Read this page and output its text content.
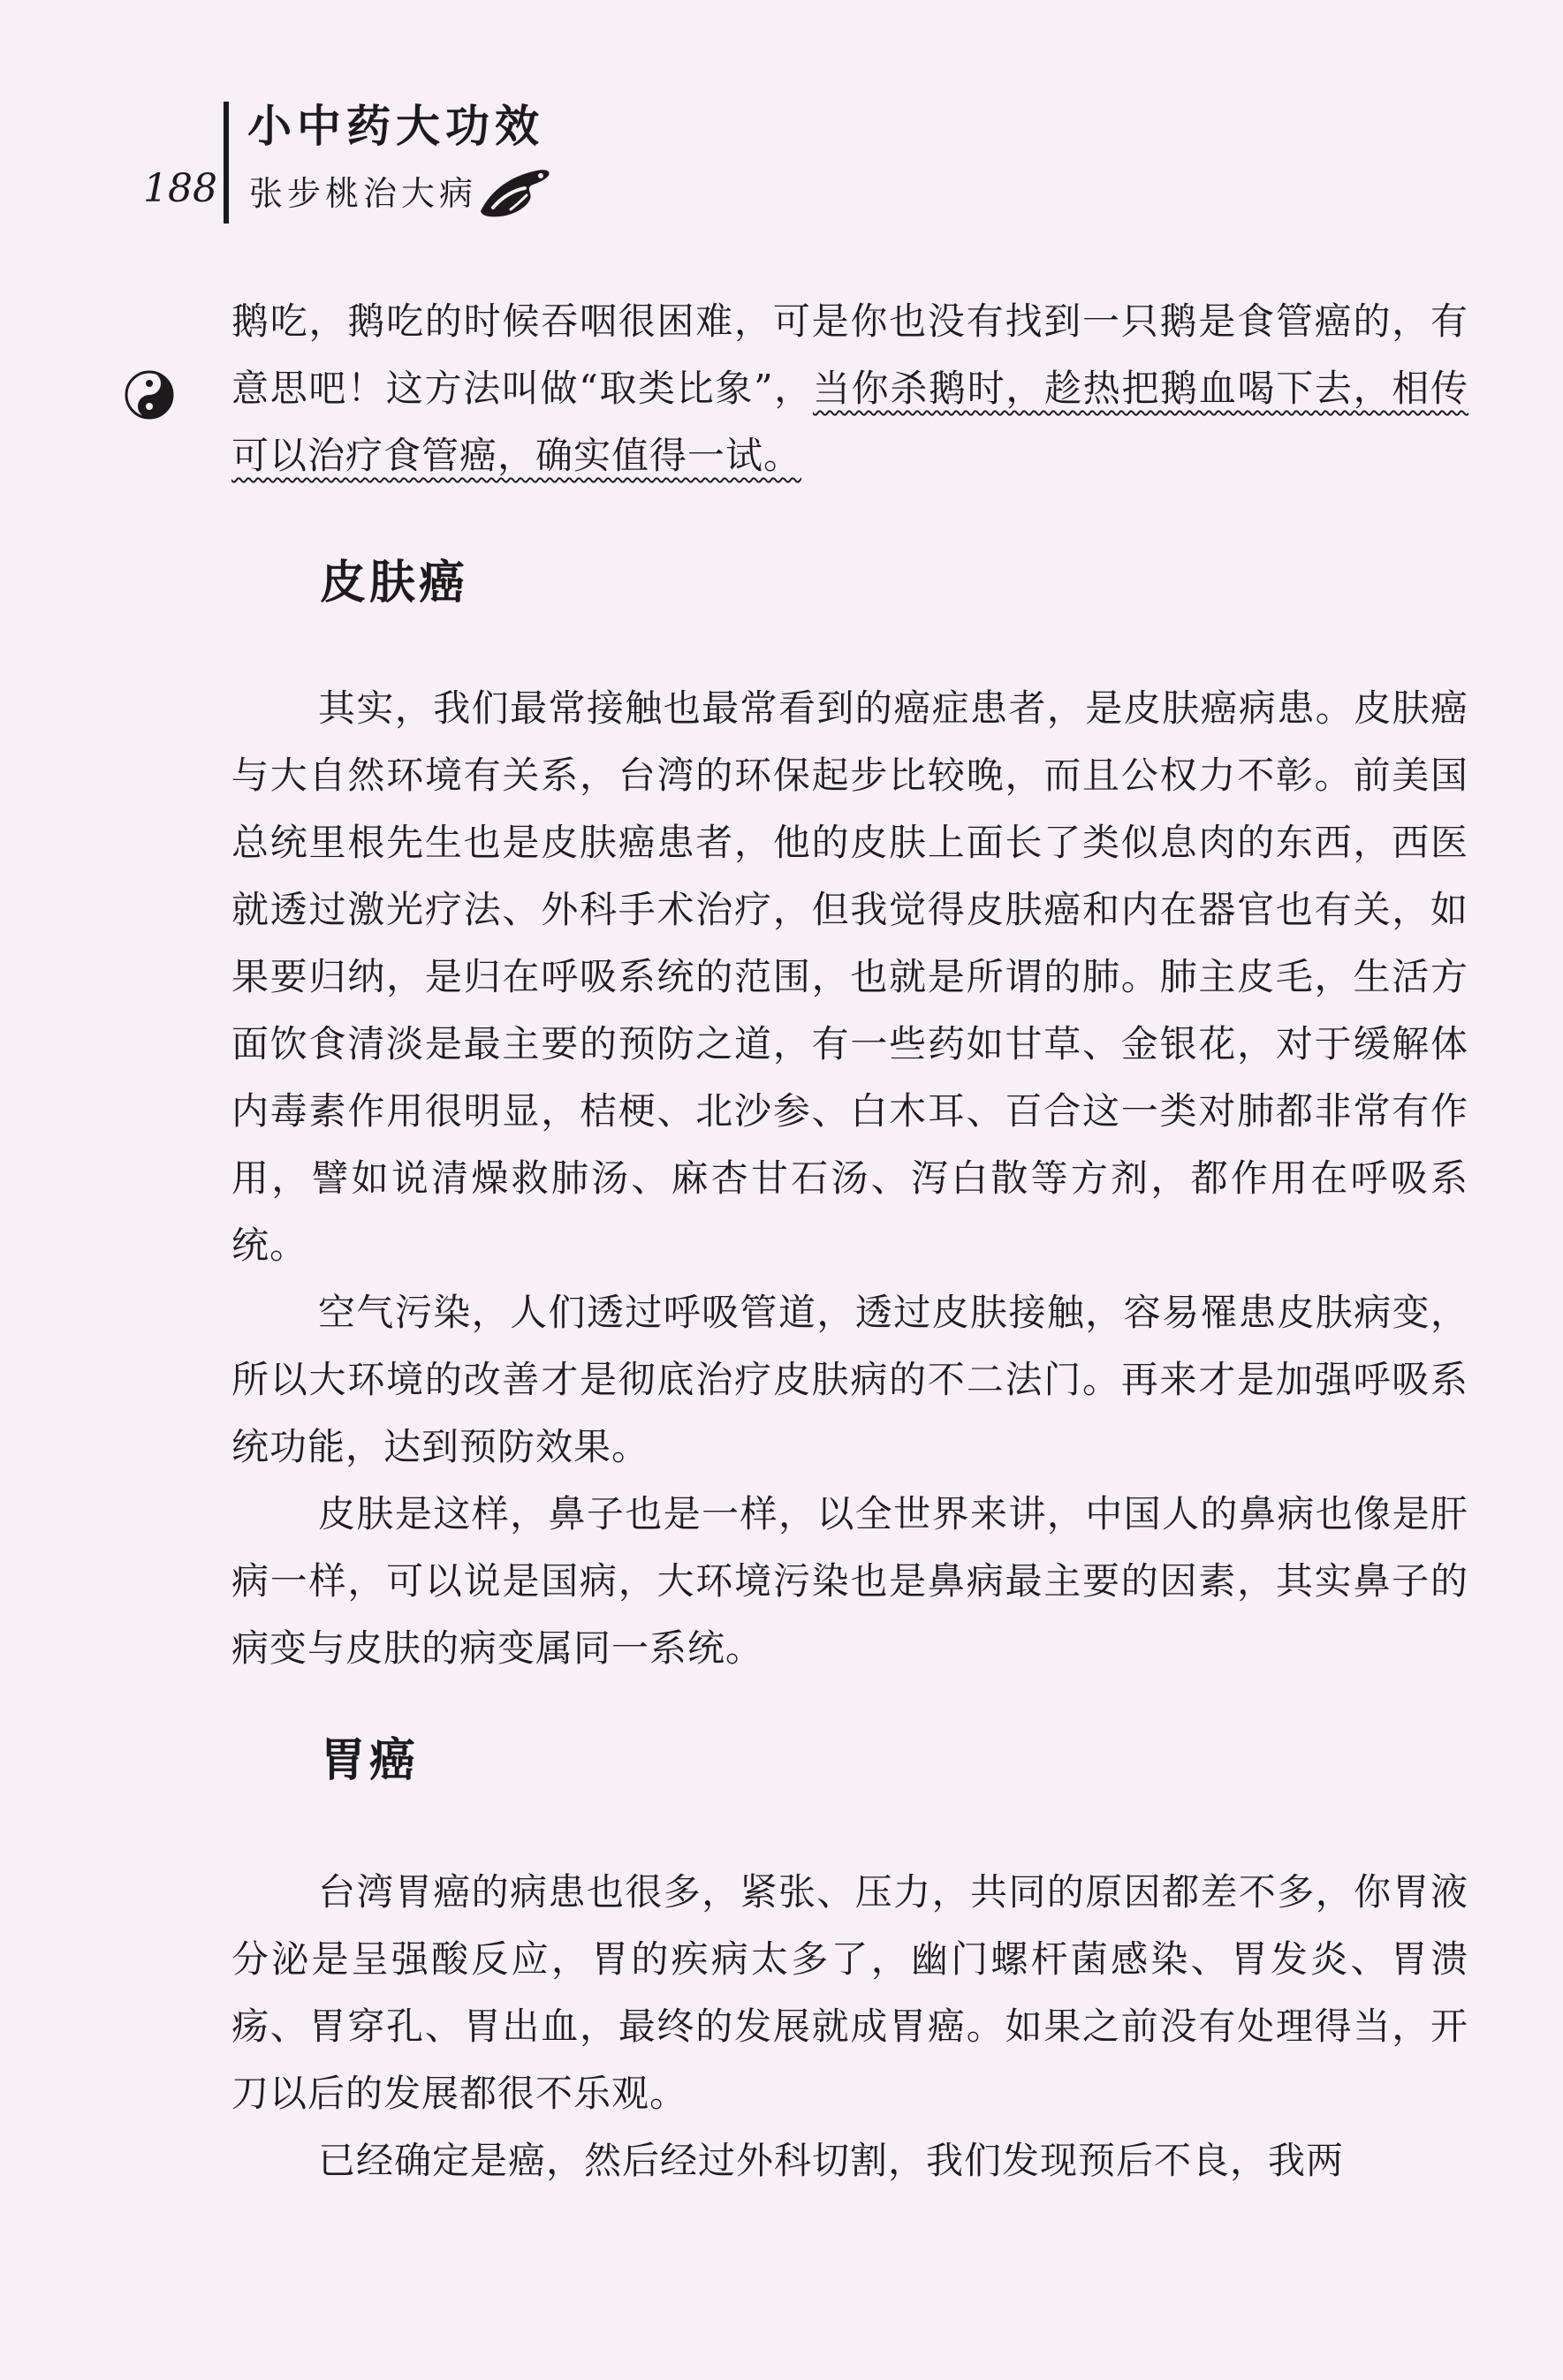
188
小中药大功效
张步桃治大病

鹅吃，鹅吃的时候吞咽很困难，可是你也没有找到一只鹅是食管癌的，有意思吧！这方法叫做“取类比象”，当你杀鹅时，趁热把鹅血喝下去，相传可以治疗食管癌，确实值得一试。

皮肤癌

其实，我们最常接触也最常看到的癌症患者，是皮肤癌病患。皮肤癌与大自然环境有关系，台湾的环保起步比较晚，而且公权力不彰。前美国总统里根先生也是皮肤癌患者，他的皮肤上面长了类似息肉的东西，西医就透过激光疗法、外科手术治疗，但我觉得皮肤癌和内在器官也有关，如果要归纳，是归在呼吸系统的范围，也就是所谓的肺。肺主皮毛，生活方面饮食清淡是最主要的预防之道，有一些药如甘草、金银花，对于缓解体内毒素作用很明显，桔梗、北沙参、白木耳、百合这一类对肺都非常有作用，譬如说清燥救肺汤、麻杏甘石汤、泻白散等方剂，都作用在呼吸系统。

空气污染，人们透过呼吸管道，透过皮肤接触，容易罹患皮肤病变，所以大环境的改善才是彻底治疗皮肤病的不二法门。再来才是加强呼吸系统功能，达到预防效果。

皮肤是这样，鼻子也是一样，以全世界来讲，中国人的鼻病也像是肝病一样，可以说是国病，大环境污染也是鼻病最主要的因素，其实鼻子的病变与皮肤的病变属同一系统。

胃癌

台湾胃癌的病患也很多，紧张、压力，共同的原因都差不多，你胃液分泌是呈强酸反应，胃的疾病太多了，幽门螺杆菌感染、胃发炎、胃溃疡、胃穿孔、胃出血，最终的发展就成胃癌。如果之前没有处理得当，开刀以后的发展都很不乐观。

已经确定是癌，然后经过外科切割，我们发现预后不良，我两
